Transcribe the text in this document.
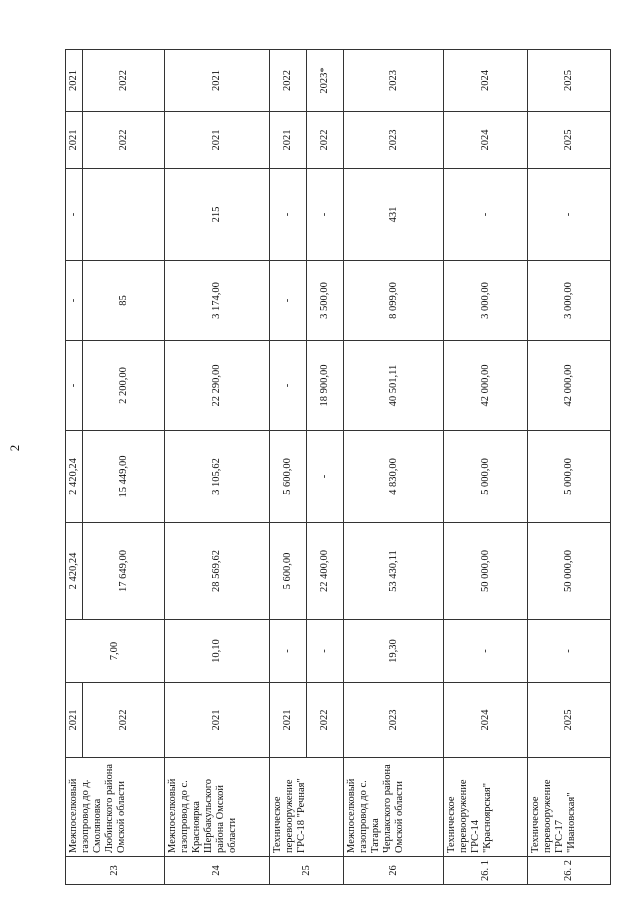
2
23	Межпоселковый газопровод до д. Смоляновка Любинского района Омской области	2021	7,00	2 420,24	2 420,24	-	-	-	2021	2021	
		2022		17 649,00	15 449,00	2 200,00	85		2022	2022	
24	Межпоселковый газопровод до с. Красноярка Шербакульского района Омской области	2021	10,10	28 569,62	3 105,62	22 290,00	3 174,00	215	2021	2021	
25	Техническое перевооружение ГРС-18 "Речная"	2021	-	5 600,00	5 600,00	-	-	-	2021	2022	
		2022	-	22 400,00	-	18 900,00	3 500,00	-	2022	2023*	
26	Межпоселковый газопровод до с. Татарка Черлакского района Омской области	2023	19,30	53 430,11	4 830,00	40 501,11	8 099,00	431	2023	2023	
26. 1	Техническое перевооружение ГРС-14 "Красноярская"	2024	-	50 000,00	5 000,00	42 000,00	3 000,00	-	2024	2024	
26. 2	Техническое перевооружение ГРС-17 "Ивановская"	2025	-	50 000,00	5 000,00	42 000,00	3 000,00	-	2025	2025	
